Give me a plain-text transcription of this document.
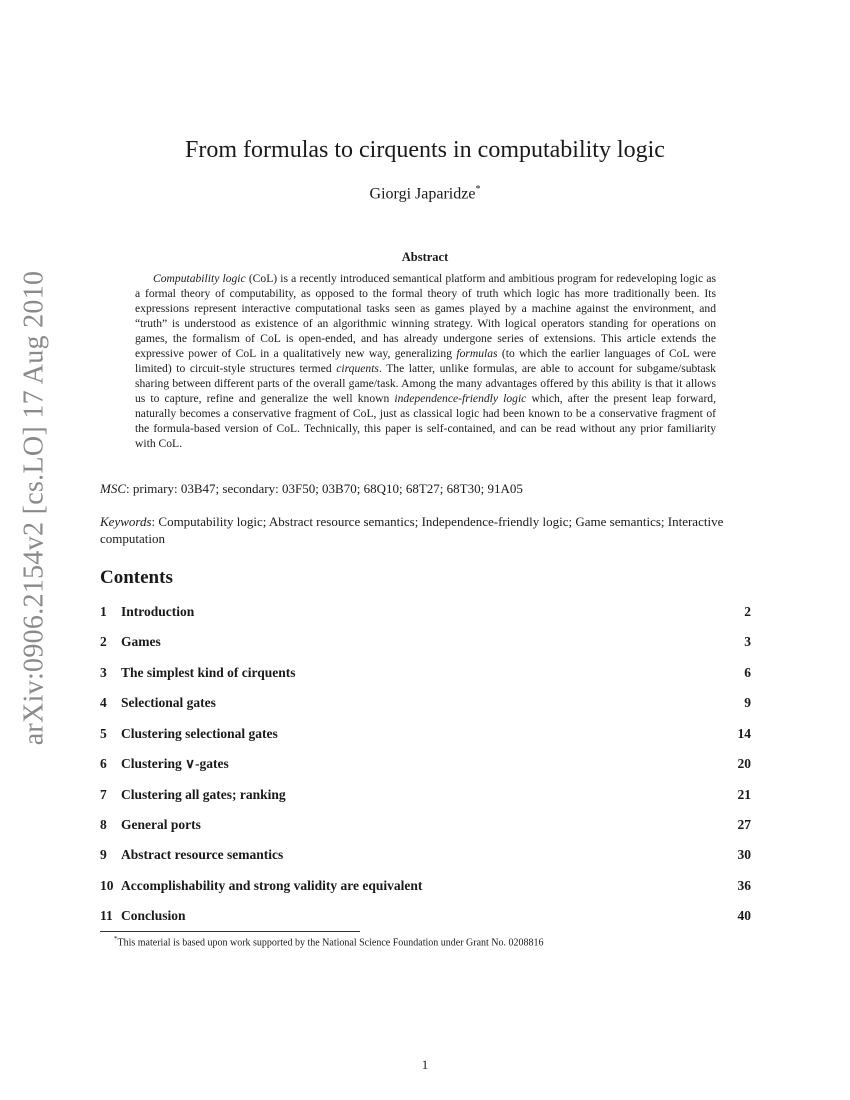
arXiv:0906.2154v2 [cs.LO] 17 Aug 2010
From formulas to cirquents in computability logic
Giorgi Japaridze*
Abstract
Computability logic (CoL) is a recently introduced semantical platform and ambitious program for redeveloping logic as a formal theory of computability, as opposed to the formal theory of truth which logic has more traditionally been. Its expressions represent interactive computational tasks seen as games played by a machine against the environment, and “truth” is understood as existence of an algorithmic winning strategy. With logical operators standing for operations on games, the formalism of CoL is open-ended, and has already undergone series of extensions. This article extends the expressive power of CoL in a qualitatively new way, generalizing formulas (to which the earlier languages of CoL were limited) to circuit-style structures termed cirquents. The latter, unlike formulas, are able to account for subgame/subtask sharing between different parts of the overall game/task. Among the many advantages offered by this ability is that it allows us to capture, refine and generalize the well known independence-friendly logic which, after the present leap forward, naturally becomes a conservative fragment of CoL, just as classical logic had been known to be a conservative fragment of the formula-based version of CoL. Technically, this paper is self-contained, and can be read without any prior familiarity with CoL.
MSC: primary: 03B47; secondary: 03F50; 03B70; 68Q10; 68T27; 68T30; 91A05
Keywords: Computability logic; Abstract resource semantics; Independence-friendly logic; Game semantics; Interactive computation
Contents
1 Introduction	2
2 Games	3
3 The simplest kind of cirquents	6
4 Selectional gates	9
5 Clustering selectional gates	14
6 Clustering ∨-gates	20
7 Clustering all gates; ranking	21
8 General ports	27
9 Abstract resource semantics	30
10 Accomplishability and strong validity are equivalent	36
11 Conclusion	40
*This material is based upon work supported by the National Science Foundation under Grant No. 0208816
1
